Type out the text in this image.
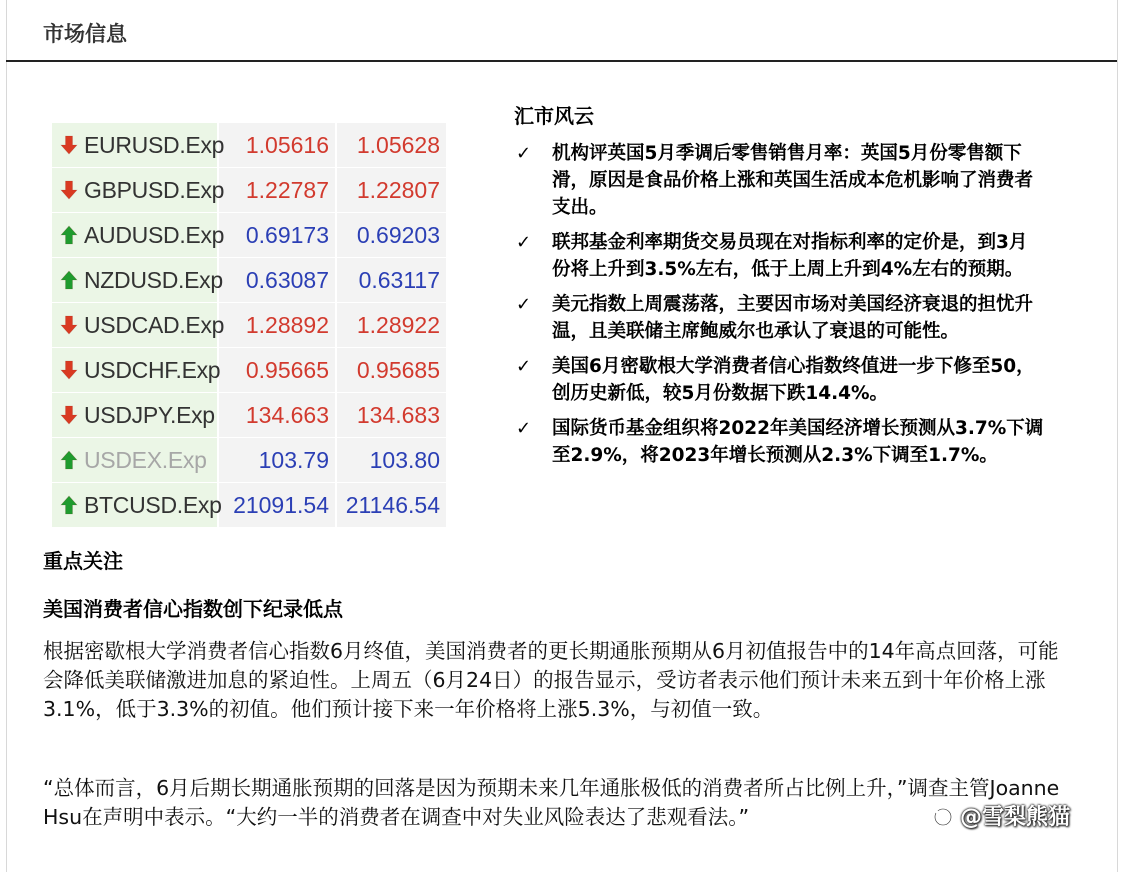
市场信息
EURUSD.Exp	1.05616	1.05628

GBPUSD.Exp	1.22787	1.22807

AUDUSD.Exp	0.69173	0.69203

NZDUSD.Exp	0.63087	0.63117

USDCAD.Exp	1.28892	1.28922

USDCHF.Exp	0.95665	0.95685

USDJPY.Exp	134.663	134.683

USDEX.Exp	103.79	103.80

BTCUSD.Exp	21091.54	21146.54
汇市风云
✓ 机构评英国5月季调后零售销售月率：英国5月份零售额下滑，原因是食品价格上涨和英国生活成本危机影响了消费者支出。
✓ 联邦基金利率期货交易员现在对指标利率的定价是，到3月份将上升到3.5%左右，低于上周上升到4%左右的预期。
✓ 美元指数上周震荡落，主要因市场对美国经济衰退的担忧升温，且美联储主席鲍威尔也承认了衰退的可能性。
✓ 美国6月密歇根大学消费者信心指数终值进一步下修至50，创历史新低，较5月份数据下跌14.4%。
✓ 国际货币基金组织将2022年美国经济增长预测从3.7%下调至2.9%，将2023年增长预测从2.3%下调至1.7%。
重点关注
美国消费者信心指数创下纪录低点

根据密歇根大学消费者信心指数6月终值，美国消费者的更长期通胀预期从6月初值报告中的14年高点回落，可能会降低美联储激进加息的紧迫性。上周五（6月24日）的报告显示，受访者表示他们预计未来五到十年价格上涨3.1%，低于3.3%的初值。他们预计接下来一年价格将上涨5.3%，与初值一致。

“总体而言，6月后期长期通胀预期的回落是因为预期未来几年通胀极低的消费者所占比例上升，”调查主管Joanne Hsu在声明中表示。“大约一半的消费者在调查中对失业风险表达了悲观看法。”	@雪梨熊猫
